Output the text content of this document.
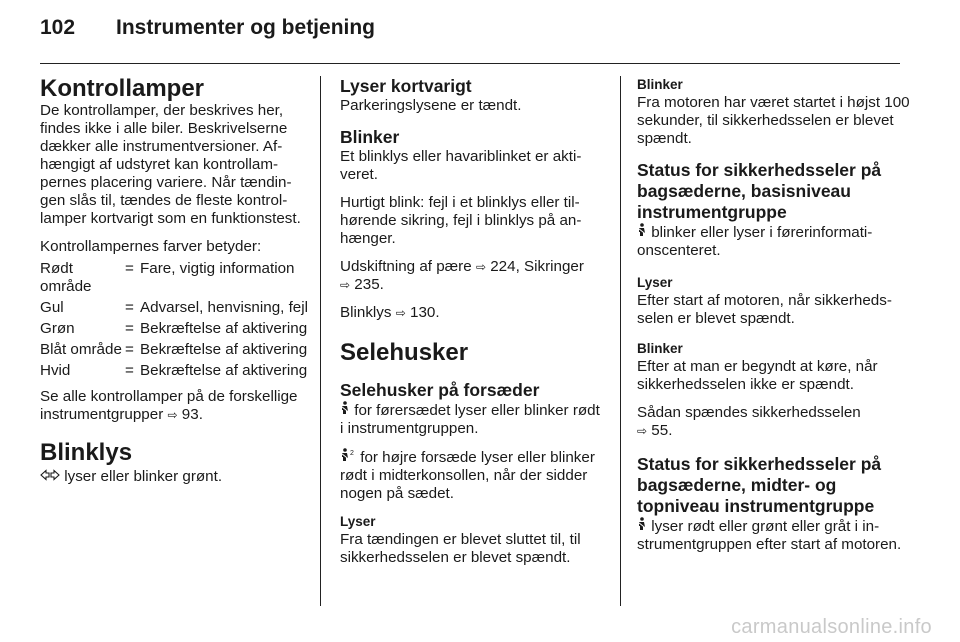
102 Instrumenter og betjening
Kontrollamper

De kontrollamper, der beskrives her, findes ikke i alle biler. Beskrivelserne dækker alle instrumentversioner. Afhængigt af udstyret kan kontrollampernes placering variere. Når tændingen slås til, tændes de fleste kontrollamper kortvarigt som en funktionstest.

Kontrollampernes farver betyder:

Rødt område
= Fare, vigtig information
Gul	= Advarsel, henvisning, fejl
Grøn	= Bekræftelse af aktivering
Blåt område = Bekræftelse af aktivering
Hvid	= Bekræftelse af aktivering

Se alle kontrollamper på de forskellige instrumentgrupper ⇨ 93.

Blinklys

lyser eller blinker grønt.

Lyser kortvarigt

Parkeringslysene er tændt.

Blinker

Et blinklys eller havariblinket er aktiveret.

Hurtigt blink: fejl i et blinklys eller tilhørende sikring, fejl i blinklys på anhænger.

Udskiftning af pære ⇨ 224, Sikringer
⇨ 235.

Blinklys ⇨ 130.

Selehusker
Selehusker på forsæder

for førersædet lyser eller blinker rødt i instrumentgruppen.

2 for højre forsæde lyser eller blinker rødt i midterkonsollen, når der sidder nogen på sædet.

Lyser

Fra tændingen er blevet sluttet til, til sikkerhedsselen er blevet spændt.

Blinker

Fra motoren har været startet i højst 100 sekunder, til sikkerhedsselen er blevet spændt.

Status for sikkerhedsseler på bagsæderne, basisniveau instrumentgruppe

blinker eller lyser i førerinformationscenteret.

Lyser

Efter start af motoren, når sikkerhedsselen er blevet spændt.

Blinker

Efter at man er begyndt at køre, når sikkerhedsselen ikke er spændt.

Sådan spændes sikkerhedsselen
⇨ 55.

Status for sikkerhedsseler på bagsæderne, midter- og topniveau instrumentgruppe

lyser rødt eller grønt eller gråt i instrumentgruppen efter start af motoren.

carmanualsonline.info
